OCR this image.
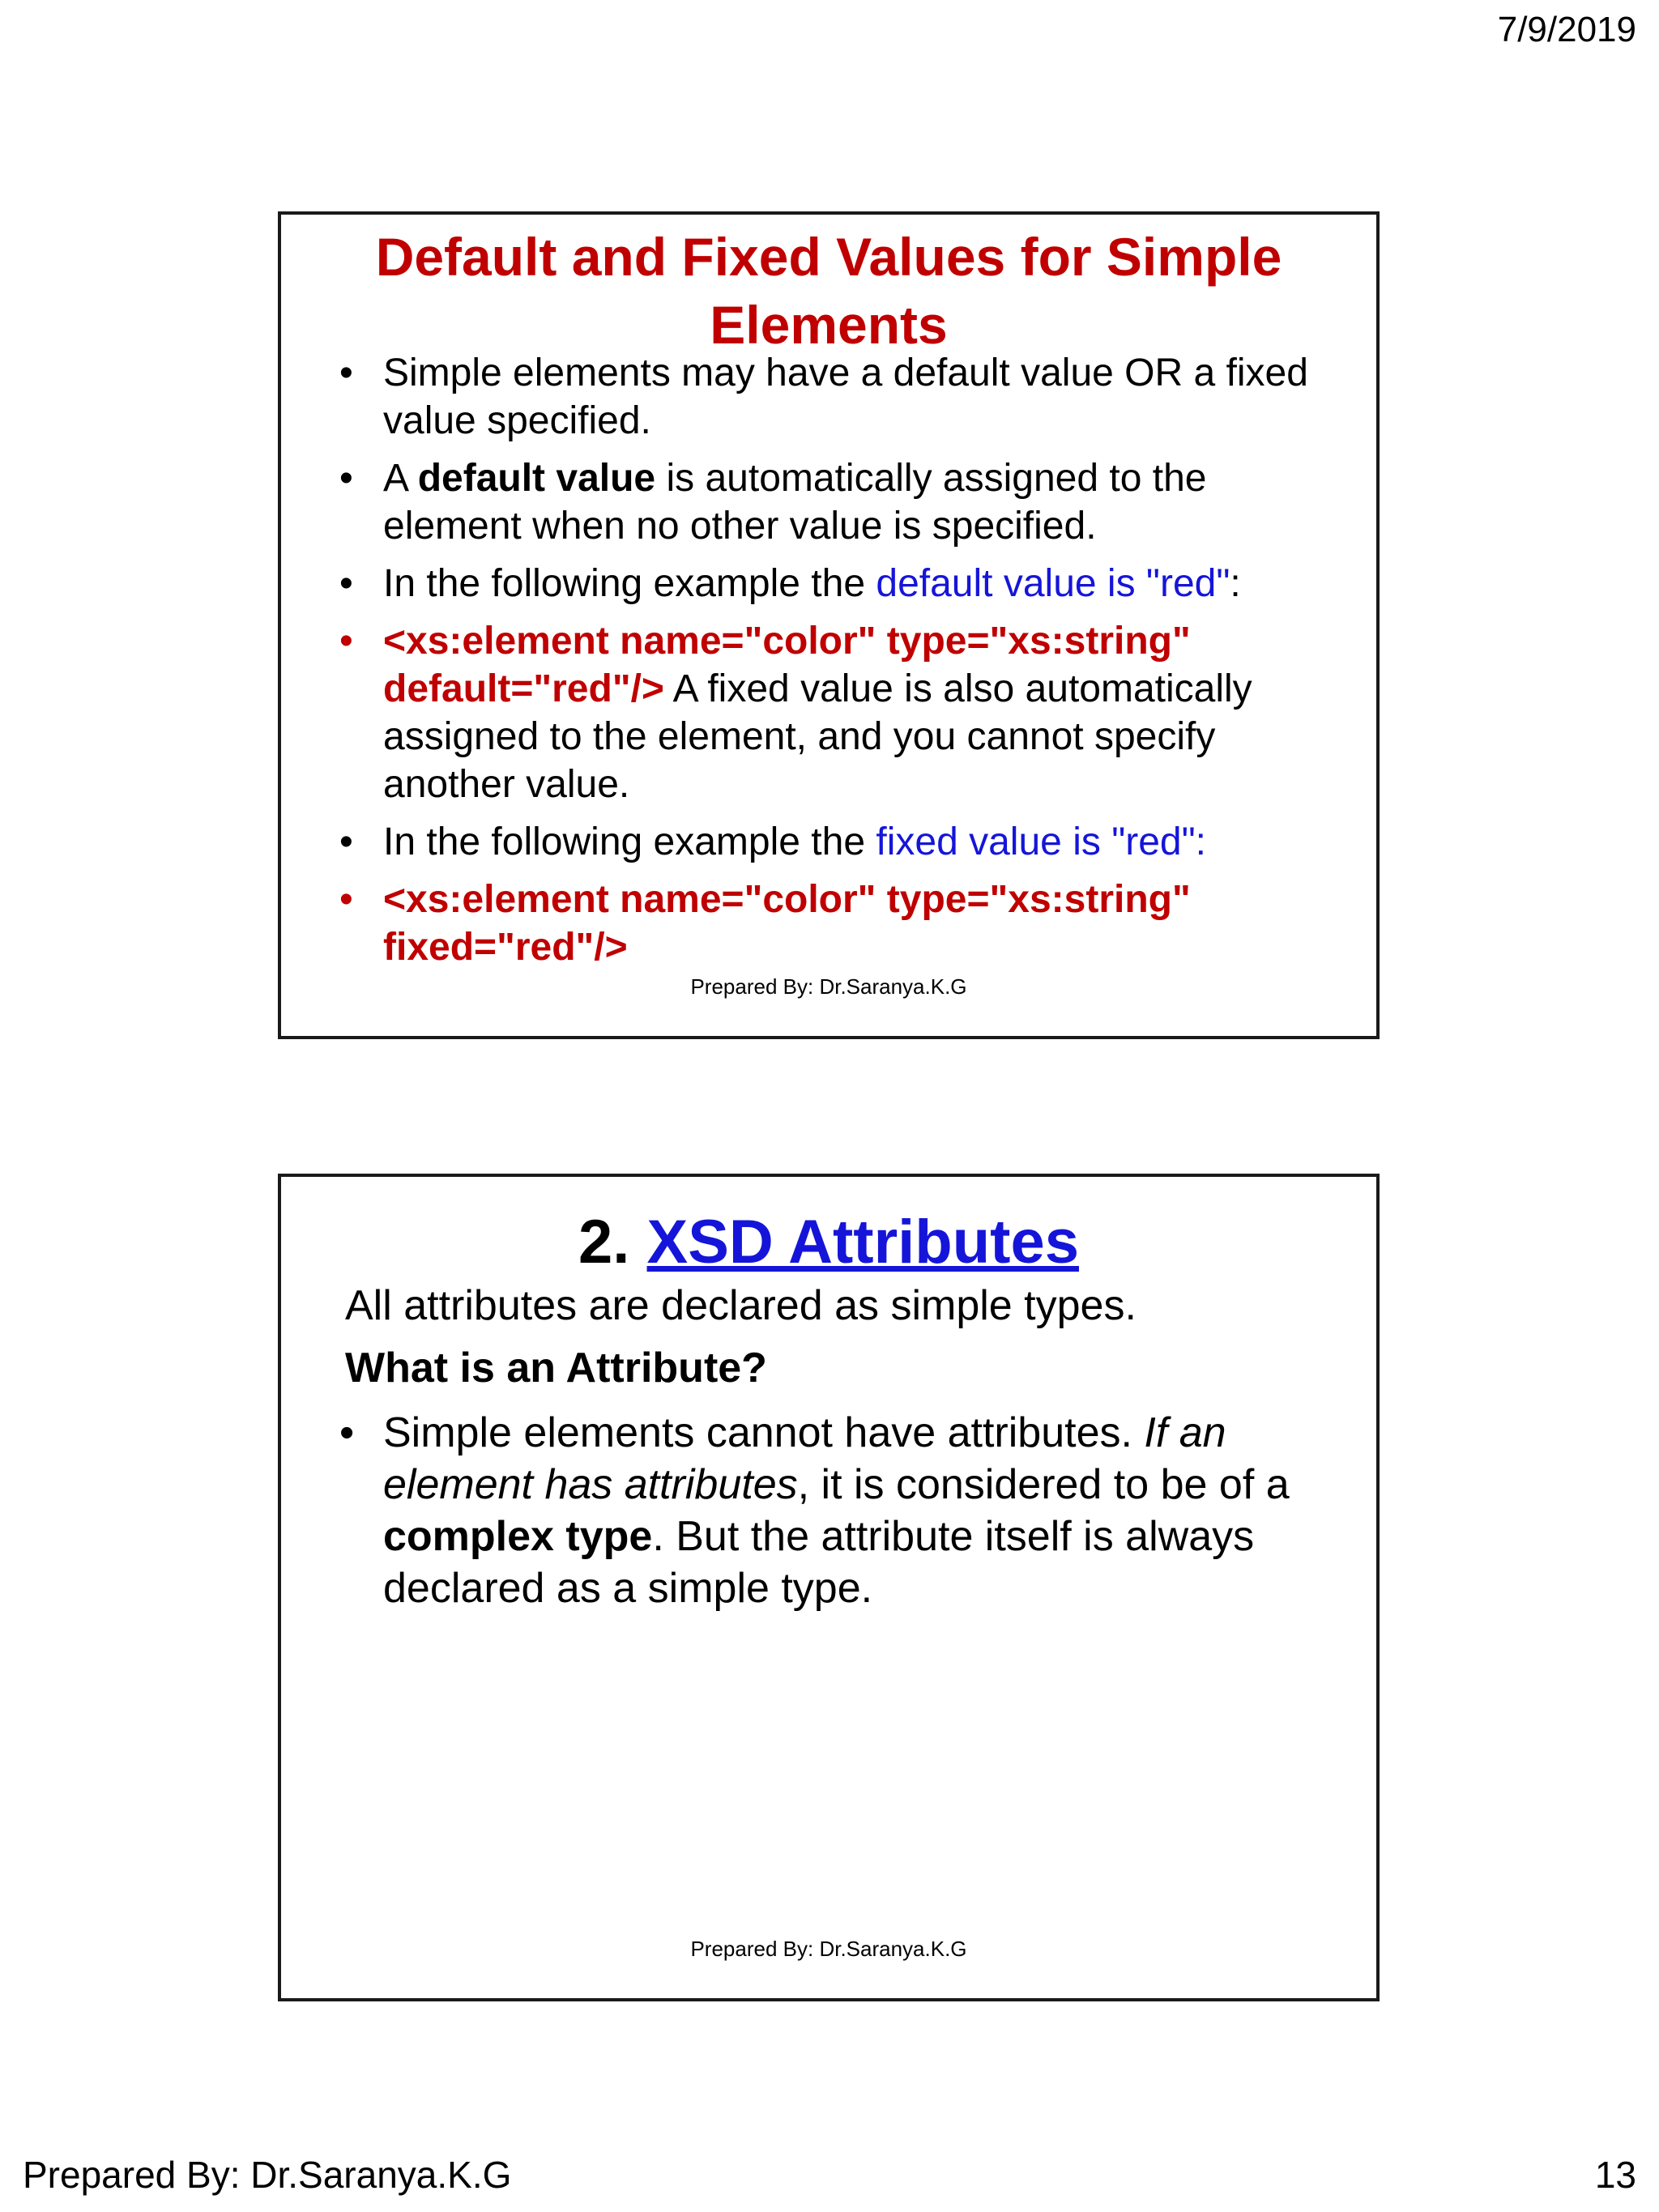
7/9/2019
Default and Fixed Values for Simple
Elements
• Simple elements may have a default value OR a fixed value specified.
• A default value is automatically assigned to the element when no other value is specified.
• In the following example the default value is "red":
• <xs:element name="color" type="xs:string" default="red"/> A fixed value is also automatically assigned to the element, and you cannot specify another value.
• In the following example the fixed value is "red":
• <xs:element name="color" type="xs:string" fixed="red"/>
Prepared By: Dr.Saranya.K.G
2. XSD Attributes
All attributes are declared as simple types.
What is an Attribute?
• Simple elements cannot have attributes. If an element has attributes, it is considered to be of a complex type. But the attribute itself is always declared as a simple type.
Prepared By: Dr.Saranya.K.G
Prepared By: Dr.Saranya.K.G	13
